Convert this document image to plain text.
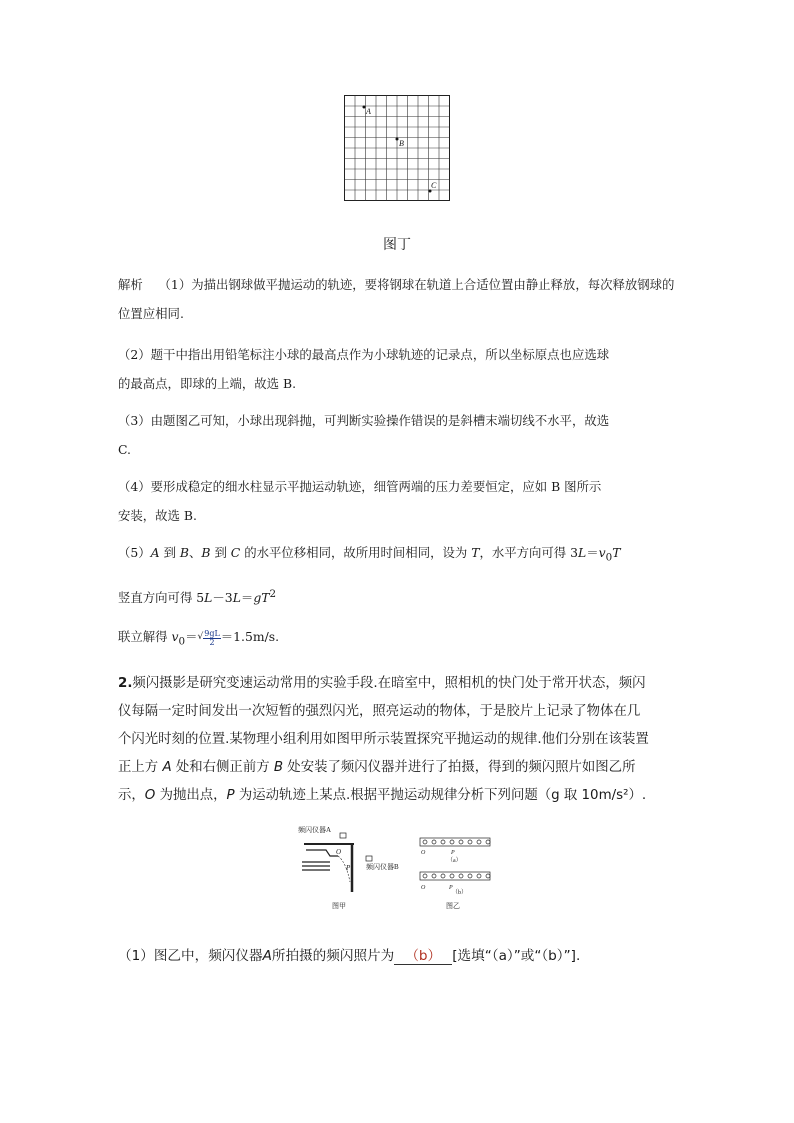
A
B
C
图丁
解析 （1）为描出钢球做平抛运动的轨迹，要将钢球在轨道上合适位置由静止释放，每次释放钢球的位置应相同.
（2）题干中指出用铅笔标注小球的最高点作为小球轨迹的记录点，所以坐标原点也应选球
的最高点，即球的上端，故选 B.
（3）由题图乙可知，小球出现斜抛，可判断实验操作错误的是斜槽末端切线不水平，故选
C.
（4）要形成稳定的细水柱显示平抛运动轨迹，细管两端的压力差要恒定，应如 B 图所示
安装，故选 B.
（5）A 到 B、B 到 C 的水平位移相同，故所用时间相同，设为 T，水平方向可得 $3L=v_0T$
竖直方向可得 $5L-3L=gT^2$
联立解得 $v_0=√\frac{9gL}{2}=1.5m/s$.
2.频闪摄影是研究变速运动常用的实验手段.在暗室中，照相机的快门处于常开状态，频闪
仪每隔一定时间发出一次短暂的强烈闪光，照亮运动的物体，于是胶片上记录了物体在几
个闪光时刻的位置.某物理小组利用如图甲所示装置探究平抛运动的规律.他们分别在该装置
正上方 A 处和右侧正前方 B 处安装了频闪仪器并进行了拍摄，得到的频闪照片如图乙所
示，O 为抛出点，P 为运动轨迹上某点.根据平抛运动规律分析下列问题（g 取 10m/s²）.
频闪仪器A
O
P 频闪仪器B
图甲
O	P
（a）
O	P
（b）
图乙
（1）图乙中，频闪仪器A所拍摄的频闪照片为 （b） [选填“（a）”或“（b）”].
